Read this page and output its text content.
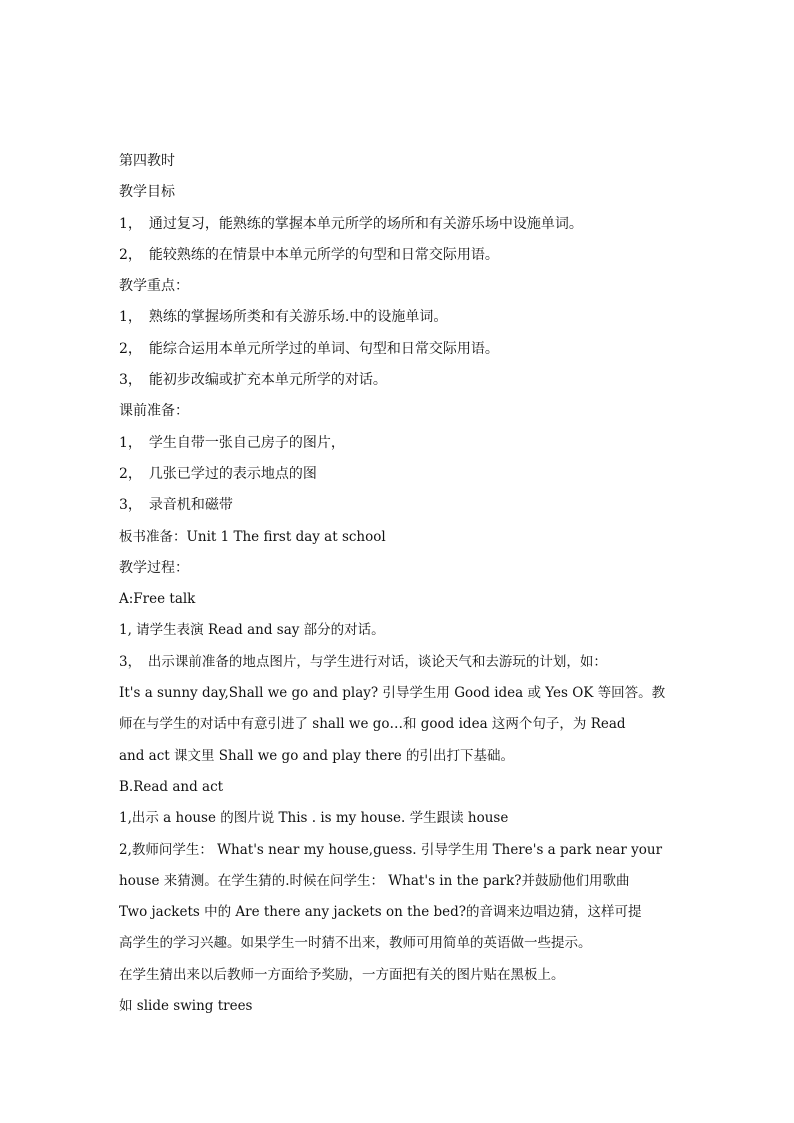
第四教时
教学目标
1，　通过复习，能熟练的掌握本单元所学的场所和有关游乐场中设施单词。
2，　能较熟练的在情景中本单元所学的句型和日常交际用语。
教学重点：
1，　熟练的掌握场所类和有关游乐场.中的设施单词。
2，　能综合运用本单元所学过的单词、句型和日常交际用语。
3，　能初步改编或扩充本单元所学的对话。
课前准备：
1，　学生自带一张自己房子的图片，
2，　几张已学过的表示地点的图
3，　录音机和磁带
板书准备：Unit 1 The first day at school
教学过程：
A:Free talk
1, 请学生表演 Read and say 部分的对话。
3，　出示课前准备的地点图片，与学生进行对话，谈论天气和去游玩的计划，如：
It's a sunny day,Shall we go and play? 引导学生用 Good idea 或 Yes OK 等回答。教
师在与学生的对话中有意引进了 shall we go…和 good idea 这两个句子，为 Read
and act 课文里 Shall we go and play there 的引出打下基础。
B.Read and act
1,出示 a house 的图片说 This . is my house. 学生跟读 house
2,教师问学生： What's near my house,guess. 引导学生用 There's a park near your
house 来猜测。在学生猜的.时候在问学生： What's in the park?并鼓励他们用歌曲
Two jackets 中的 Are there any jackets on the bed?的音调来边唱边猜，这样可提
高学生的学习兴趣。如果学生一时猜不出来，教师可用简单的英语做一些提示。
在学生猜出来以后教师一方面给予奖励，一方面把有关的图片贴在黑板上。
如 slide swing trees
